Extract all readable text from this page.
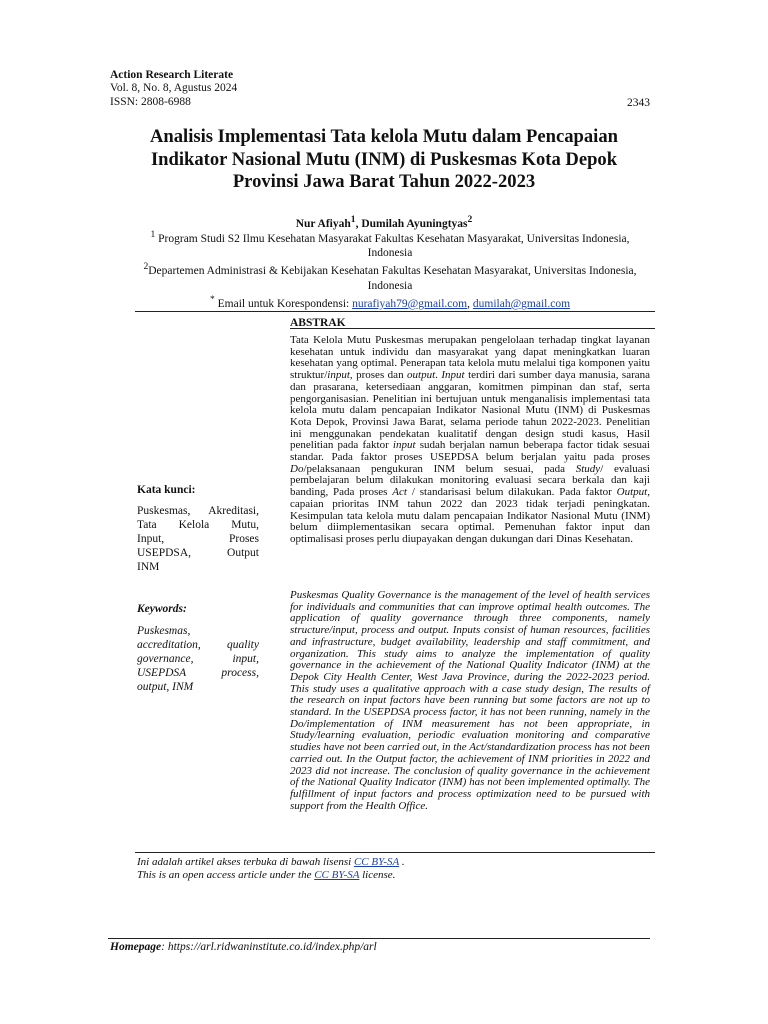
Action Research Literate
Vol. 8, No. 8, Agustus 2024
ISSN: 2808-6988	2343
Analisis Implementasi Tata kelola Mutu dalam Pencapaian
Indikator Nasional Mutu (INM) di Puskesmas Kota Depok
Provinsi Jawa Barat Tahun 2022-2023
Nur Afiyah$^1$, Dumilah Ayuningtyas$^2$

$^1$ Program Studi S2 Ilmu Kesehatan Masyarakat Fakultas Kesehatan Masyarakat, Universitas Indonesia,

Indonesia

$^2$Departemen Administrasi & Kebijakan Kesehatan Fakultas Kesehatan Masyarakat, Universitas Indonesia,

Indonesia

* Email untuk Korespondensi: nurafiyah79@gmail.com, dumilah@gmail.com

ABSTRAK

Tata Kelola Mutu Puskesmas merupakan pengelolaan terhadap tingkat layanan kesehatan untuk individu dan masyarakat yang dapat meningkatkan luaran kesehatan yang optimal. Penerapan tata kelola mutu melalui tiga komponen yaitu struktur/input, proses dan output. Input terdiri dari sumber daya manusia, sarana dan prasarana, ketersediaan anggaran, komitmen pimpinan dan staf, serta pengorganisasian. Penelitian ini bertujuan untuk menganalisis implementasi tata kelola mutu dalam pencapaian Indikator Nasional Mutu (INM) di Puskesmas Kota Depok, Provinsi Jawa Barat, selama periode tahun 2022-2023. Penelitian ini menggunakan pendekatan kualitatif dengan design studi kasus, Hasil penelitian pada faktor input sudah berjalan namun beberapa factor tidak sesuai standar. Pada faktor proses USEPDSA belum berjalan yaitu pada proses Do/pelaksanaan pengukuran INM belum sesuai, pada Study/ evaluasi pembelajaran belum dilakukan monitoring evaluasi secara berkala dan kaji banding, Pada proses Act / standarisasi belum dilakukan. Pada faktor Output, capaian prioritas INM tahun 2022 dan 2023 tidak terjadi peningkatan. Kesimpulan tata kelola mutu dalam pencapaian Indikator Nasional Mutu (INM) belum diimplementasikan secara optimal. Pemenuhan faktor input dan optimalisasi proses perlu diupayakan dengan dukungan dari Dinas Kesehatan.

Puskesmas Quality Governance is the management of the level of health services for individuals and communities that can improve optimal health outcomes. The application of quality governance through three components, namely structure/input, process and output. Inputs consist of human resources, facilities and infrastructure, budget availability, leadership and staff commitment, and organization. This study aims to analyze the implementation of quality governance in the achievement of the National Quality Indicator (INM) at the Depok City Health Center, West Java Province, during the 2022-2023 period. This study uses a qualitative approach with a case study design, The results of the research on input factors have been running but some factors are not up to standard. In the USEPDSA process factor, it has not been running, namely in the Do/implementation of INM measurement has not been appropriate, in Study/learning evaluation, periodic evaluation monitoring and comparative studies have not been carried out, in the Act/standardization process has not been carried out. In the Output factor, the achievement of INM priorities in 2022 and 2023 did not increase. The conclusion of quality governance in the achievement of the National Quality Indicator (INM) has not been implemented optimally. The fulfillment of input factors and process optimization need to be pursued with support from the Health Office.

Kata kunci:
Puskesmas, Akreditasi,
Tata Kelola Mutu,
Input,	Proses
USEPDSA,	Output
INM
Keywords:
Puskesmas,
accreditation, quality
governance,	input,
USEPDSA	process,
output, INM
Ini adalah artikel akses terbuka di bawah lisensi CC BY-SA .
This is an open access article under the CC BY-SA license.
Homepage: https://arl.ridwaninstitute.co.id/index.php/arl
